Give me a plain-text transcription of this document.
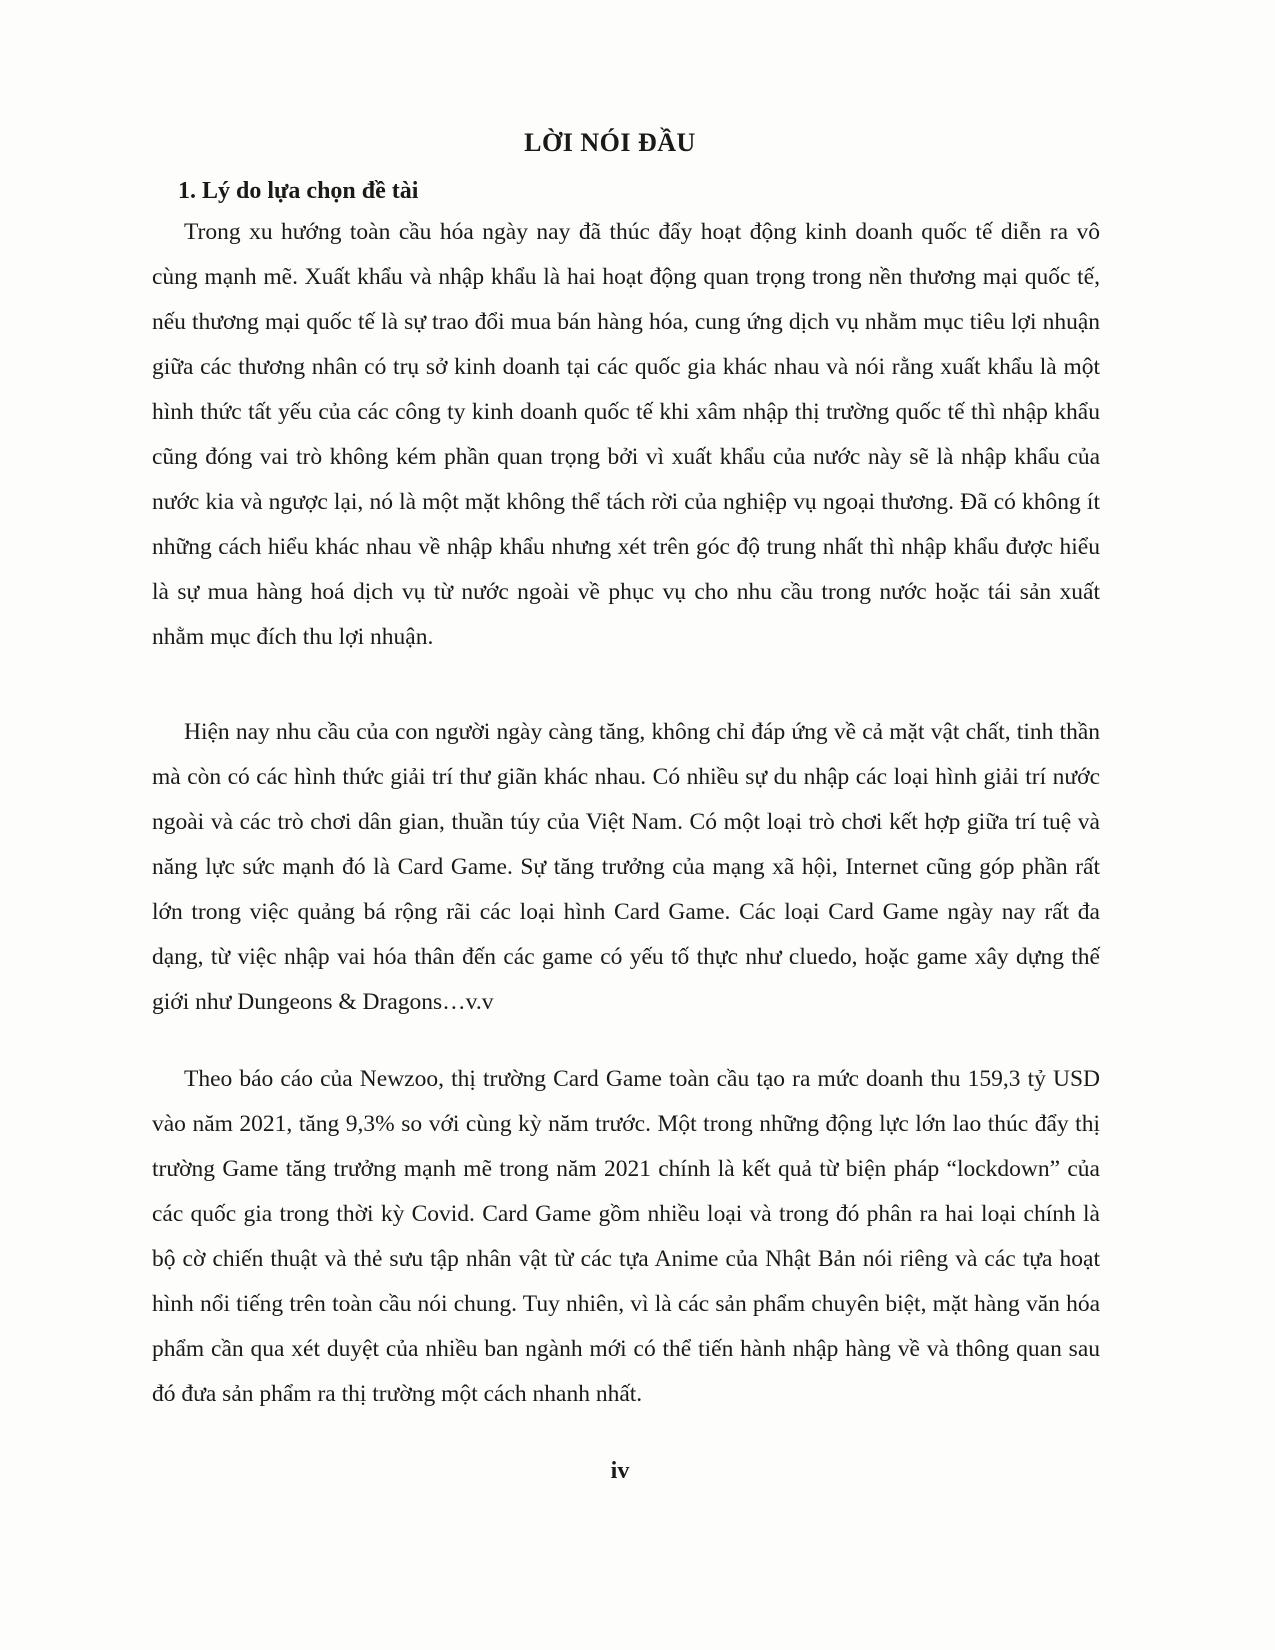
LỜI NÓI ĐẦU
1. Lý do lựa chọn đề tài

Trong xu hướng toàn cầu hóa ngày nay đã thúc đẩy hoạt động kinh doanh quốc tế diễn ra vô cùng mạnh mẽ. Xuất khẩu và nhập khẩu là hai hoạt động quan trọng trong nền thương mại quốc tế, nếu thương mại quốc tế là sự trao đổi mua bán hàng hóa, cung ứng dịch vụ nhằm mục tiêu lợi nhuận giữa các thương nhân có trụ sở kinh doanh tại các quốc gia khác nhau và nói rằng xuất khẩu là một hình thức tất yếu của các công ty kinh doanh quốc tế khi xâm nhập thị trường quốc tế thì nhập khẩu cũng đóng vai trò không kém phần quan trọng bởi vì xuất khẩu của nước này sẽ là nhập khẩu của nước kia và ngược lại, nó là một mặt không thể tách rời của nghiệp vụ ngoại thương. Đã có không ít những cách hiểu khác nhau về nhập khẩu nhưng xét trên góc độ trung nhất thì nhập khẩu được hiểu là sự mua hàng hoá dịch vụ từ nước ngoài về phục vụ cho nhu cầu trong nước hoặc tái sản xuất nhằm mục đích thu lợi nhuận.

Hiện nay nhu cầu của con người ngày càng tăng, không chỉ đáp ứng về cả mặt vật chất, tinh thần mà còn có các hình thức giải trí thư giãn khác nhau. Có nhiều sự du nhập các loại hình giải trí nước ngoài và các trò chơi dân gian, thuần túy của Việt Nam. Có một loại trò chơi kết hợp giữa trí tuệ và năng lực sức mạnh đó là Card Game. Sự tăng trưởng của mạng xã hội, Internet cũng góp phần rất lớn trong việc quảng bá rộng rãi các loại hình Card Game. Các loại Card Game ngày nay rất đa dạng, từ việc nhập vai hóa thân đến các game có yếu tố thực như cluedo, hoặc game xây dựng thế giới như Dungeons & Dragons…v.v

Theo báo cáo của Newzoo, thị trường Card Game toàn cầu tạo ra mức doanh thu 159,3 tỷ USD vào năm 2021, tăng 9,3% so với cùng kỳ năm trước. Một trong những động lực lớn lao thúc đẩy thị trường Game tăng trưởng mạnh mẽ trong năm 2021 chính là kết quả từ biện pháp “lockdown” của các quốc gia trong thời kỳ Covid. Card Game gồm nhiều loại và trong đó phân ra hai loại chính là bộ cờ chiến thuật và thẻ sưu tập nhân vật từ các tựa Anime của Nhật Bản nói riêng và các tựa hoạt hình nổi tiếng trên toàn cầu nói chung. Tuy nhiên, vì là các sản phẩm chuyên biệt, mặt hàng văn hóa phẩm cần qua xét duyệt của nhiều ban ngành mới có thể tiến hành nhập hàng về và thông quan sau đó đưa sản phẩm ra thị trường một cách nhanh nhất.

iv
